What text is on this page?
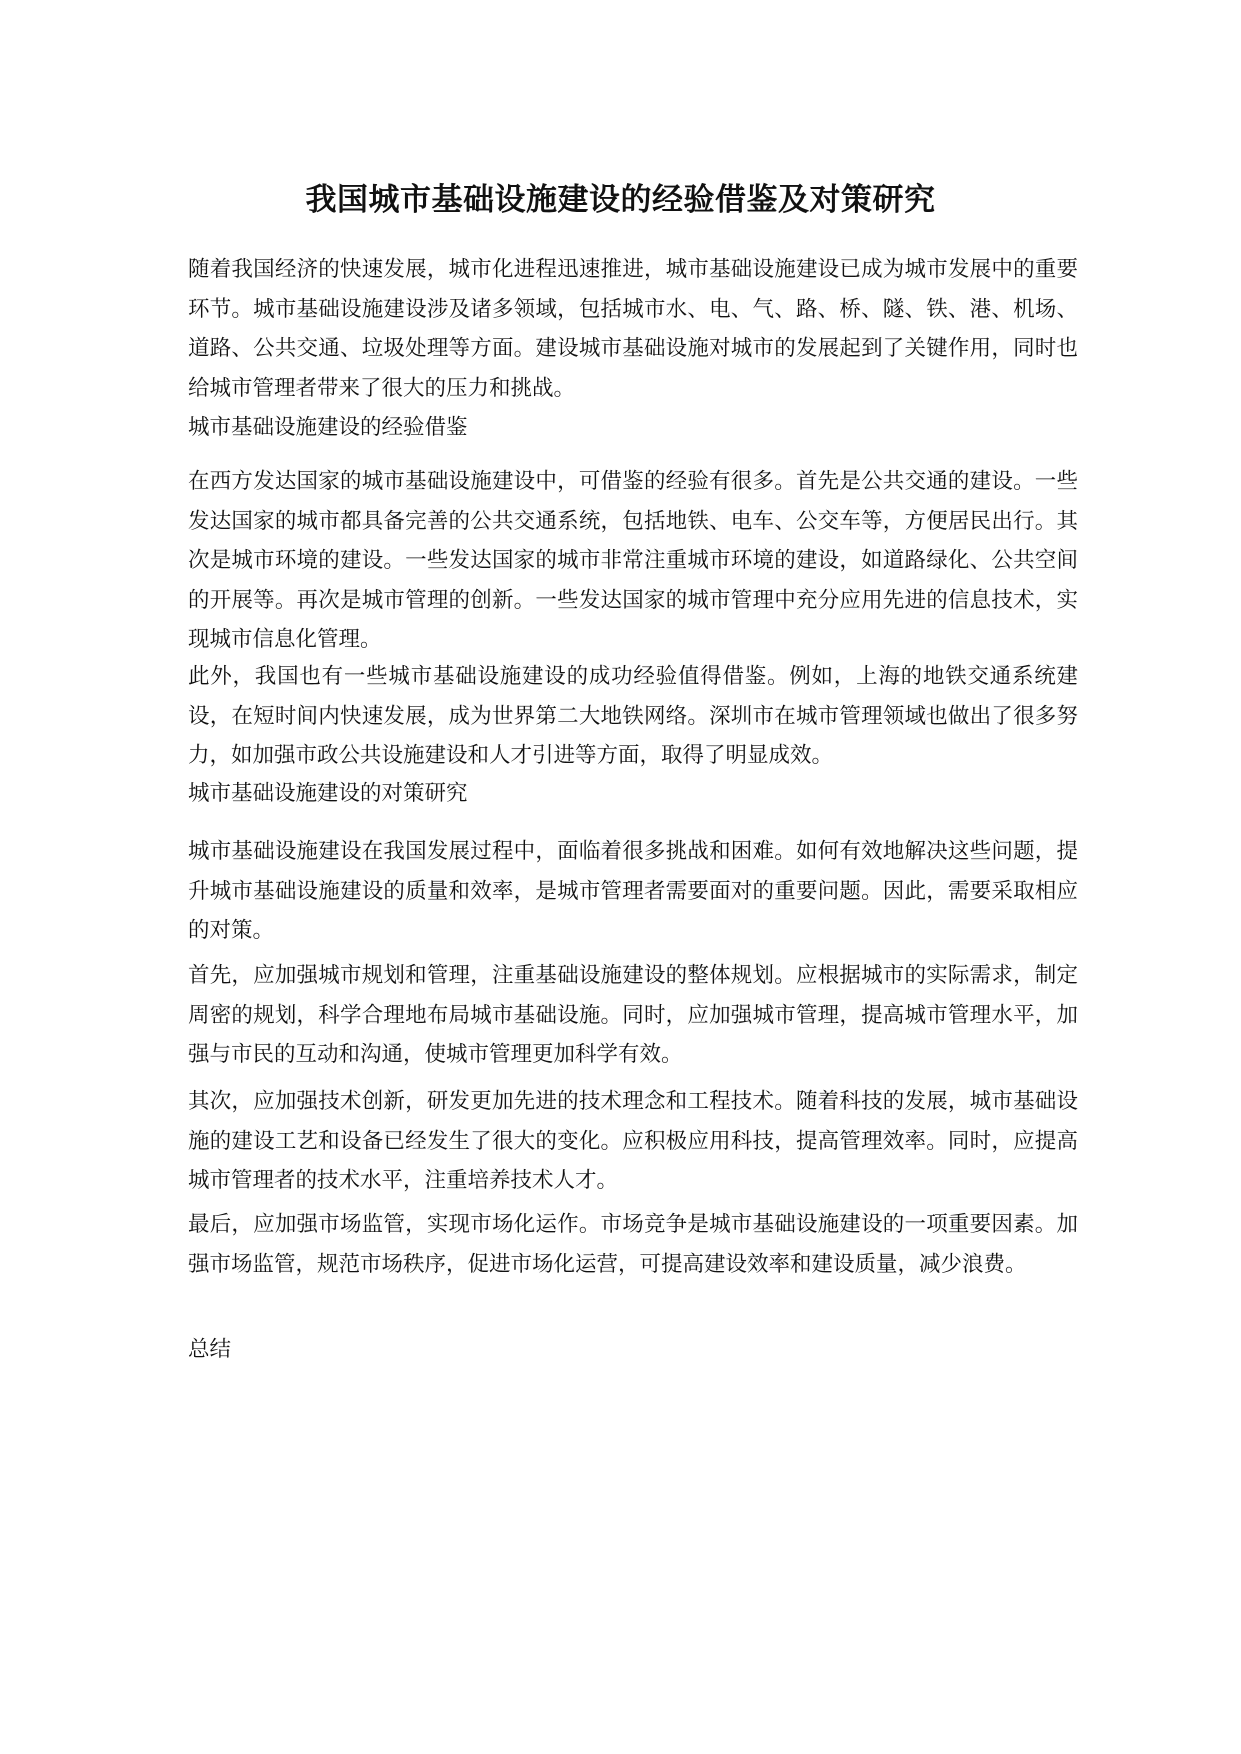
我国城市基础设施建设的经验借鉴及对策研究

随着我国经济的快速发展，城市化进程迅速推进，城市基础设施建设已成为城市发展中的重要环节。城市基础设施建设涉及诸多领域，包括城市水、电、气、路、桥、隧、铁、港、机场、道路、公共交通、垃圾处理等方面。建设城市基础设施对城市的发展起到了关键作用，同时也给城市管理者带来了很大的压力和挑战。

城市基础设施建设的经验借鉴

在西方发达国家的城市基础设施建设中，可借鉴的经验有很多。首先是公共交通的建设。一些发达国家的城市都具备完善的公共交通系统，包括地铁、电车、公交车等，方便居民出行。其次是城市环境的建设。一些发达国家的城市非常注重城市环境的建设，如道路绿化、公共空间的开展等。再次是城市管理的创新。一些发达国家的城市管理中充分应用先进的信息技术，实现城市信息化管理。

此外，我国也有一些城市基础设施建设的成功经验值得借鉴。例如，上海的地铁交通系统建设，在短时间内快速发展，成为世界第二大地铁网络。深圳市在城市管理领域也做出了很多努力，如加强市政公共设施建设和人才引进等方面，取得了明显成效。

城市基础设施建设的对策研究

城市基础设施建设在我国发展过程中，面临着很多挑战和困难。如何有效地解决这些问题，提升城市基础设施建设的质量和效率，是城市管理者需要面对的重要问题。因此，需要采取相应的对策。

首先，应加强城市规划和管理，注重基础设施建设的整体规划。应根据城市的实际需求，制定周密的规划，科学合理地布局城市基础设施。同时，应加强城市管理，提高城市管理水平，加强与市民的互动和沟通，使城市管理更加科学有效。

其次，应加强技术创新，研发更加先进的技术理念和工程技术。随着科技的发展，城市基础设施的建设工艺和设备已经发生了很大的变化。应积极应用科技，提高管理效率。同时，应提高城市管理者的技术水平，注重培养技术人才。

最后，应加强市场监管，实现市场化运作。市场竞争是城市基础设施建设的一项重要因素。加强市场监管，规范市场秩序，促进市场化运营，可提高建设效率和建设质量，减少浪费。

总结
